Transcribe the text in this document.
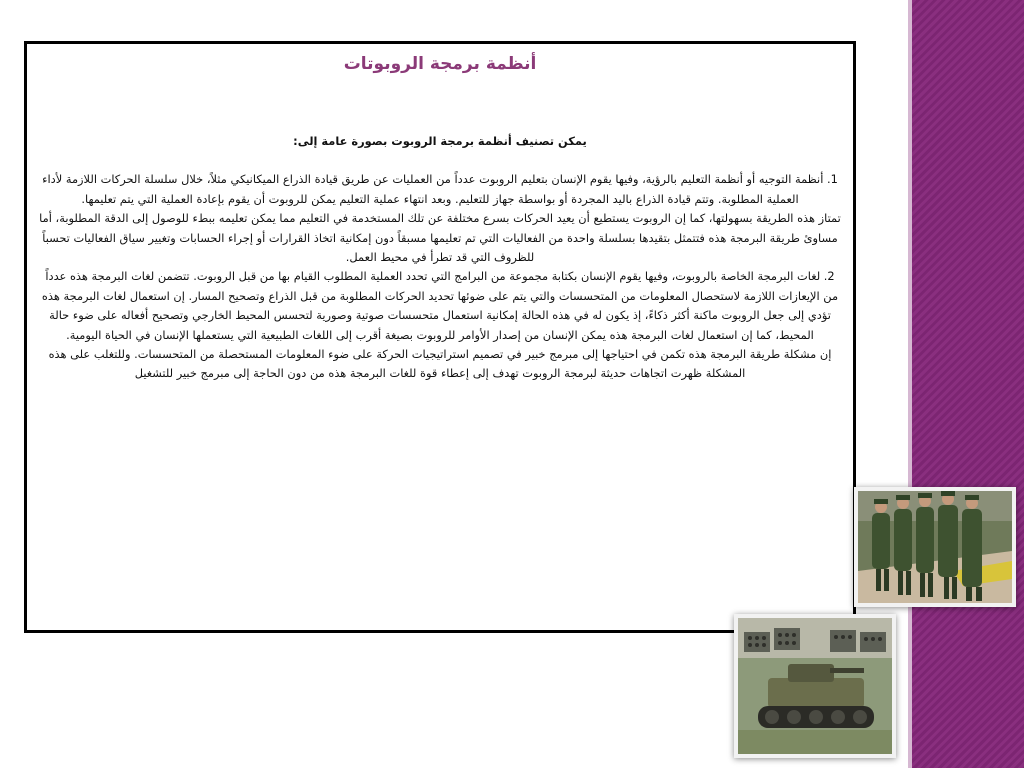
أنظمة برمجة الروبوتات

يمكن تصنيف أنظمة برمجة الروبوت بصورة عامة إلى:

1. أنظمة التوجيه أو أنظمة التعليم بالرؤية، وفيها يقوم الإنسان بتعليم الروبوت عدداً من العمليات عن طريق قيادة الذراع الميكانيكي مثلاً، خلال سلسلة الحركات اللازمة لأداء العملية المطلوبة. وتتم قيادة الذراع باليد المجردة أو بواسطة جهاز للتعليم. وبعد انتهاء عملية التعليم يمكن للروبوت أن يقوم بإعادة العملية التي يتم تعليمها.

تمتاز هذه الطريقة بسهولتها، كما إن الروبوت يستطيع أن يعيد الحركات بسرع مختلفة عن تلك المستخدمة في التعليم مما يمكن تعليمه ببطء للوصول إلى الدقة المطلوبة، أما مساوئ طريقة البرمجة هذه فتتمثل بتقيدها بسلسلة واحدة من الفعاليات التي تم تعليمها مسبقاً دون إمكانية اتخاذ القرارات أو إجراء الحسابات وتغيير سياق الفعاليات تحسباً للظروف التي قد تطرأ في محيط العمل.

2. لغات البرمجة الخاصة بالروبوت، وفيها يقوم الإنسان بكتابة مجموعة من البرامج التي تحدد العملية المطلوب القيام بها من قبل الروبوت. تتضمن لغات البرمجة هذه عدداً من الإيعازات اللازمة لاستحصال المعلومات من المتحسسات والتي يتم على ضوئها تحديد الحركات المطلوبة من قبل الذراع وتصحيح المسار. إن استعمال لغات البرمجة هذه تؤدي إلى جعل الروبوت ماكنة أكثر ذكاءً، إذ يكون له في هذه الحالة إمكانية استعمال متحسسات صوتية وصورية لتحسس المحيط الخارجي وتصحيح أفعاله على ضوء حالة المحيط، كما إن استعمال لغات البرمجة هذه يمكن الإنسان من إصدار الأوامر للروبوت بصيغة أقرب إلى اللغات الطبيعية التي يستعملها الإنسان في الحياة اليومية.

إن مشكلة طريقة البرمجة هذه تكمن في احتياجها إلى مبرمج خبير في تصميم استراتيجيات الحركة على ضوء المعلومات المستحصلة من المتحسسات. وللتغلب على هذه المشكلة ظهرت اتجاهات حديثة لبرمجة الروبوت تهدف إلى إعطاء قوة للغات البرمجة هذه من دون الحاجة إلى مبرمج خبير للتشغيل
